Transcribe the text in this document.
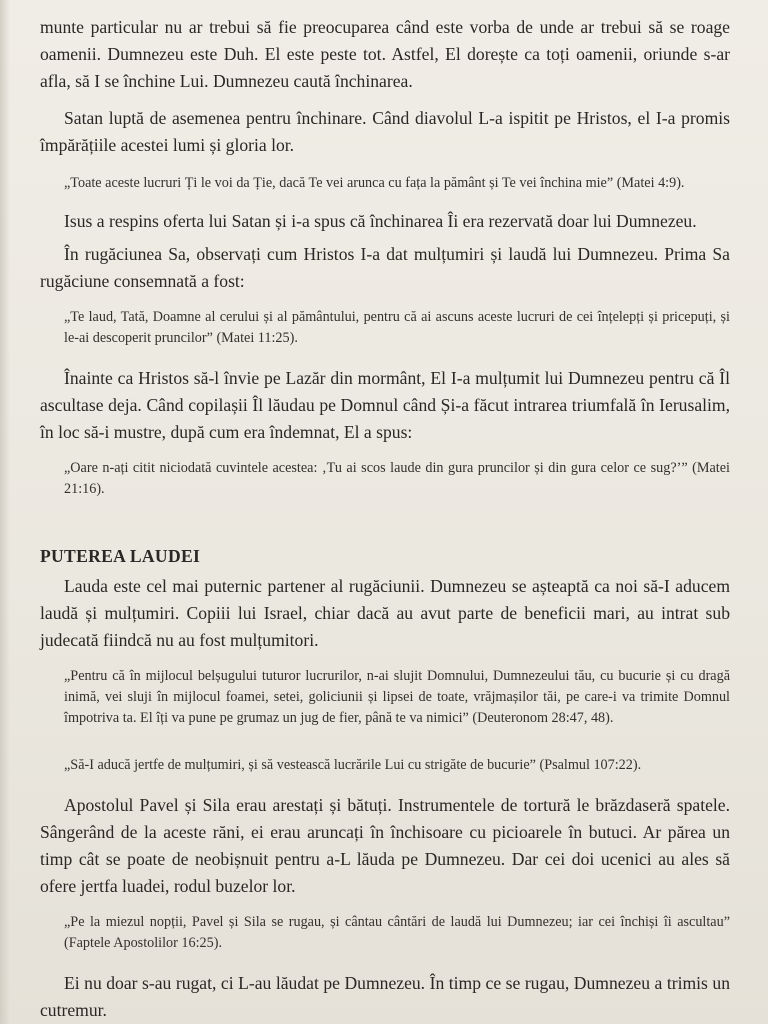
munte particular nu ar trebui să fie preocuparea când este vorba de unde ar trebui să se roage oamenii. Dumnezeu este Duh. El este peste tot. Astfel, El dorește ca toți oamenii, oriunde s-ar afla, să I se închine Lui. Dumnezeu caută închinarea.

Satan luptă de asemenea pentru închinare. Când diavolul L-a ispitit pe Hristos, el I-a promis împărățiile acestei lumi și gloria lor.

„Toate aceste lucruri Ți le voi da Ție, dacă Te vei arunca cu fața la pământ și Te vei închina mie” (Matei 4:9).

Isus a respins oferta lui Satan și i-a spus că închinarea Îi era rezervată doar lui Dumnezeu.

În rugăciunea Sa, observați cum Hristos I-a dat mulțumiri și laudă lui Dumnezeu. Prima Sa rugăciune consemnată a fost:

„Te laud, Tată, Doamne al cerului și al pământului, pentru că ai ascuns aceste lucruri de cei înțelepți și pricepuți, și le-ai descoperit pruncilor” (Matei 11:25).

Înainte ca Hristos să-l învie pe Lazăr din mormânt, El I-a mulțumit lui Dumnezeu pentru că Îl ascultase deja. Când copilașii Îl lăudau pe Domnul când Și-a făcut intrarea triumfală în Ierusalim, în loc să-i mustre, după cum era îndemnat, El a spus:

„Oare n-ați citit niciodată cuvintele acestea: ‚Tu ai scos laude din gura pruncilor și din gura celor ce sug?’” (Matei 21:16).

PUTEREA LAUDEI

Lauda este cel mai puternic partener al rugăciunii. Dumnezeu se așteaptă ca noi să-I aducem laudă și mulțumiri. Copiii lui Israel, chiar dacă au avut parte de beneficii mari, au intrat sub judecată fiindcă nu au fost mulțumitori.

„Pentru că în mijlocul belșugului tuturor lucrurilor, n-ai slujit Domnului, Dumnezeului tău, cu bucurie și cu dragă inimă, vei sluji în mijlocul foamei, setei, goliciunii și lipsei de toate, vrăjmașilor tăi, pe care-i va trimite Domnul împotriva ta. El îți va pune pe grumaz un jug de fier, până te va nimici” (Deuteronom 28:47, 48).

„Să-I aducă jertfe de mulțumiri, și să vestească lucrările Lui cu strigăte de bucurie” (Psalmul 107:22).

Apostolul Pavel și Sila erau arestați și bătuți. Instrumentele de tortură le brăzdaseră spatele. Sângerând de la aceste răni, ei erau aruncați în închisoare cu picioarele în butuci. Ar părea un timp cât se poate de neobișnuit pentru a-L lăuda pe Dumnezeu. Dar cei doi ucenici au ales să ofere jertfa luadei, rodul buzelor lor.

„Pe la miezul nopții, Pavel și Sila se rugau, și cântau cântări de laudă lui Dumnezeu; iar cei închiși îi ascultau” (Faptele Apostolilor 16:25).

Ei nu doar s-au rugat, ci L-au lăudat pe Dumnezeu. În timp ce se rugau, Dumnezeu a trimis un cutremur.
